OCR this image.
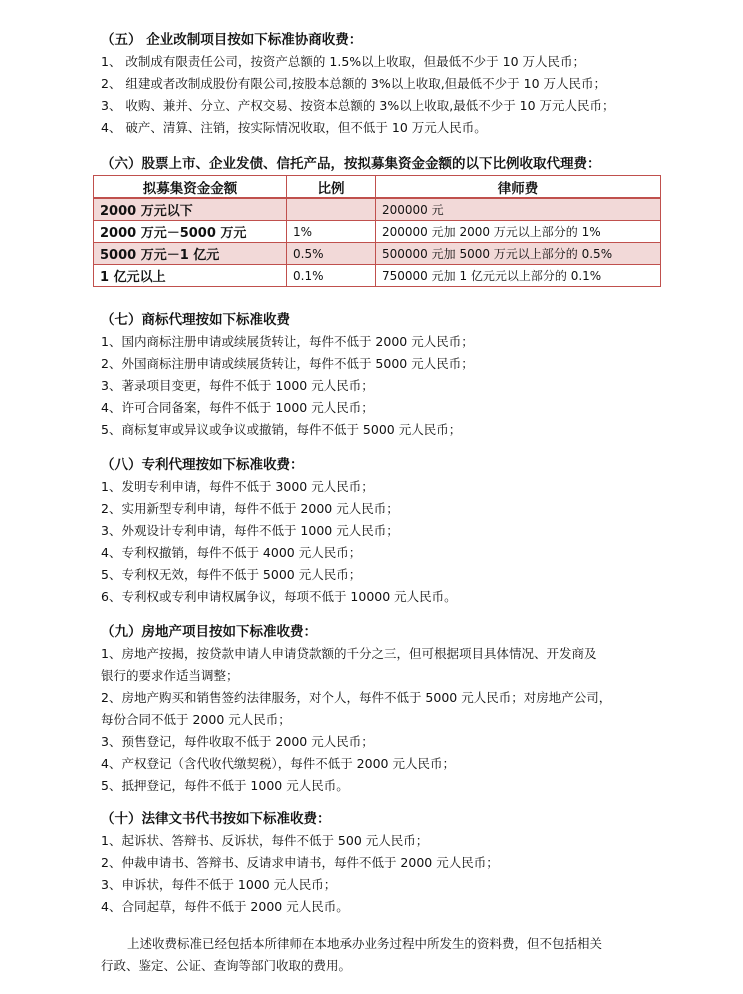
（五） 企业改制项目按如下标准协商收费：
1、 改制成有限责任公司，按资产总额的 1.5%以上收取，但最低不少于 10 万人民币；
2、 组建或者改制成股份有限公司,按股本总额的 3%以上收取,但最低不少于 10 万人民币；
3、 收购、兼并、分立、产权交易、按资本总额的 3%以上收取,最低不少于 10 万元人民币；
4、 破产、清算、注销，按实际情况收取，但不低于 10 万元人民币。
（六）股票上市、企业发债、信托产品，按拟募集资金金额的以下比例收取代理费：
拟募集资金金额	比例	律师费
2000 万元以下		200000 元
2000 万元－5000 万元	1%	200000 元加 2000 万元以上部分的 1%
5000 万元－1 亿元	0.5%	500000 元加 5000 万元以上部分的 0.5%
1 亿元以上	0.1%	750000 元加 1 亿元元以上部分的 0.1%
（七）商标代理按如下标准收费
1、国内商标注册申请或续展货转让，每件不低于 2000 元人民币；
2、外国商标注册申请或续展货转让，每件不低于 5000 元人民币；
3、著录项目变更，每件不低于 1000 元人民币；
4、许可合同备案，每件不低于 1000 元人民币；
5、商标复审或异议或争议或撤销，每件不低于 5000 元人民币；
（八）专利代理按如下标准收费：
1、发明专利申请，每件不低于 3000 元人民币；
2、实用新型专利申请，每件不低于 2000 元人民币；
3、外观设计专利申请，每件不低于 1000 元人民币；
4、专利权撤销，每件不低于 4000 元人民币；
5、专利权无效，每件不低于 5000 元人民币；
6、专利权或专利申请权属争议，每项不低于 10000 元人民币。
（九）房地产项目按如下标准收费：
1、房地产按揭，按贷款申请人申请贷款额的千分之三，但可根据项目具体情况、开发商及
银行的要求作适当调整；
2、房地产购买和销售签约法律服务，对个人，每件不低于 5000 元人民币；对房地产公司，
每份合同不低于 2000 元人民币；
3、预售登记，每件收取不低于 2000 元人民币；
4、产权登记（含代收代缴契税），每件不低于 2000 元人民币；
5、抵押登记，每件不低于 1000 元人民币。
（十）法律文书代书按如下标准收费：
1、起诉状、答辩书、反诉状，每件不低于 500 元人民币；
2、仲裁申请书、答辩书、反请求申请书，每件不低于 2000 元人民币；
3、申诉状，每件不低于 1000 元人民币；
4、合同起草，每件不低于 2000 元人民币。
上述收费标准已经包括本所律师在本地承办业务过程中所发生的资料费，但不包括相关
行政、鉴定、公证、查询等部门收取的费用。
